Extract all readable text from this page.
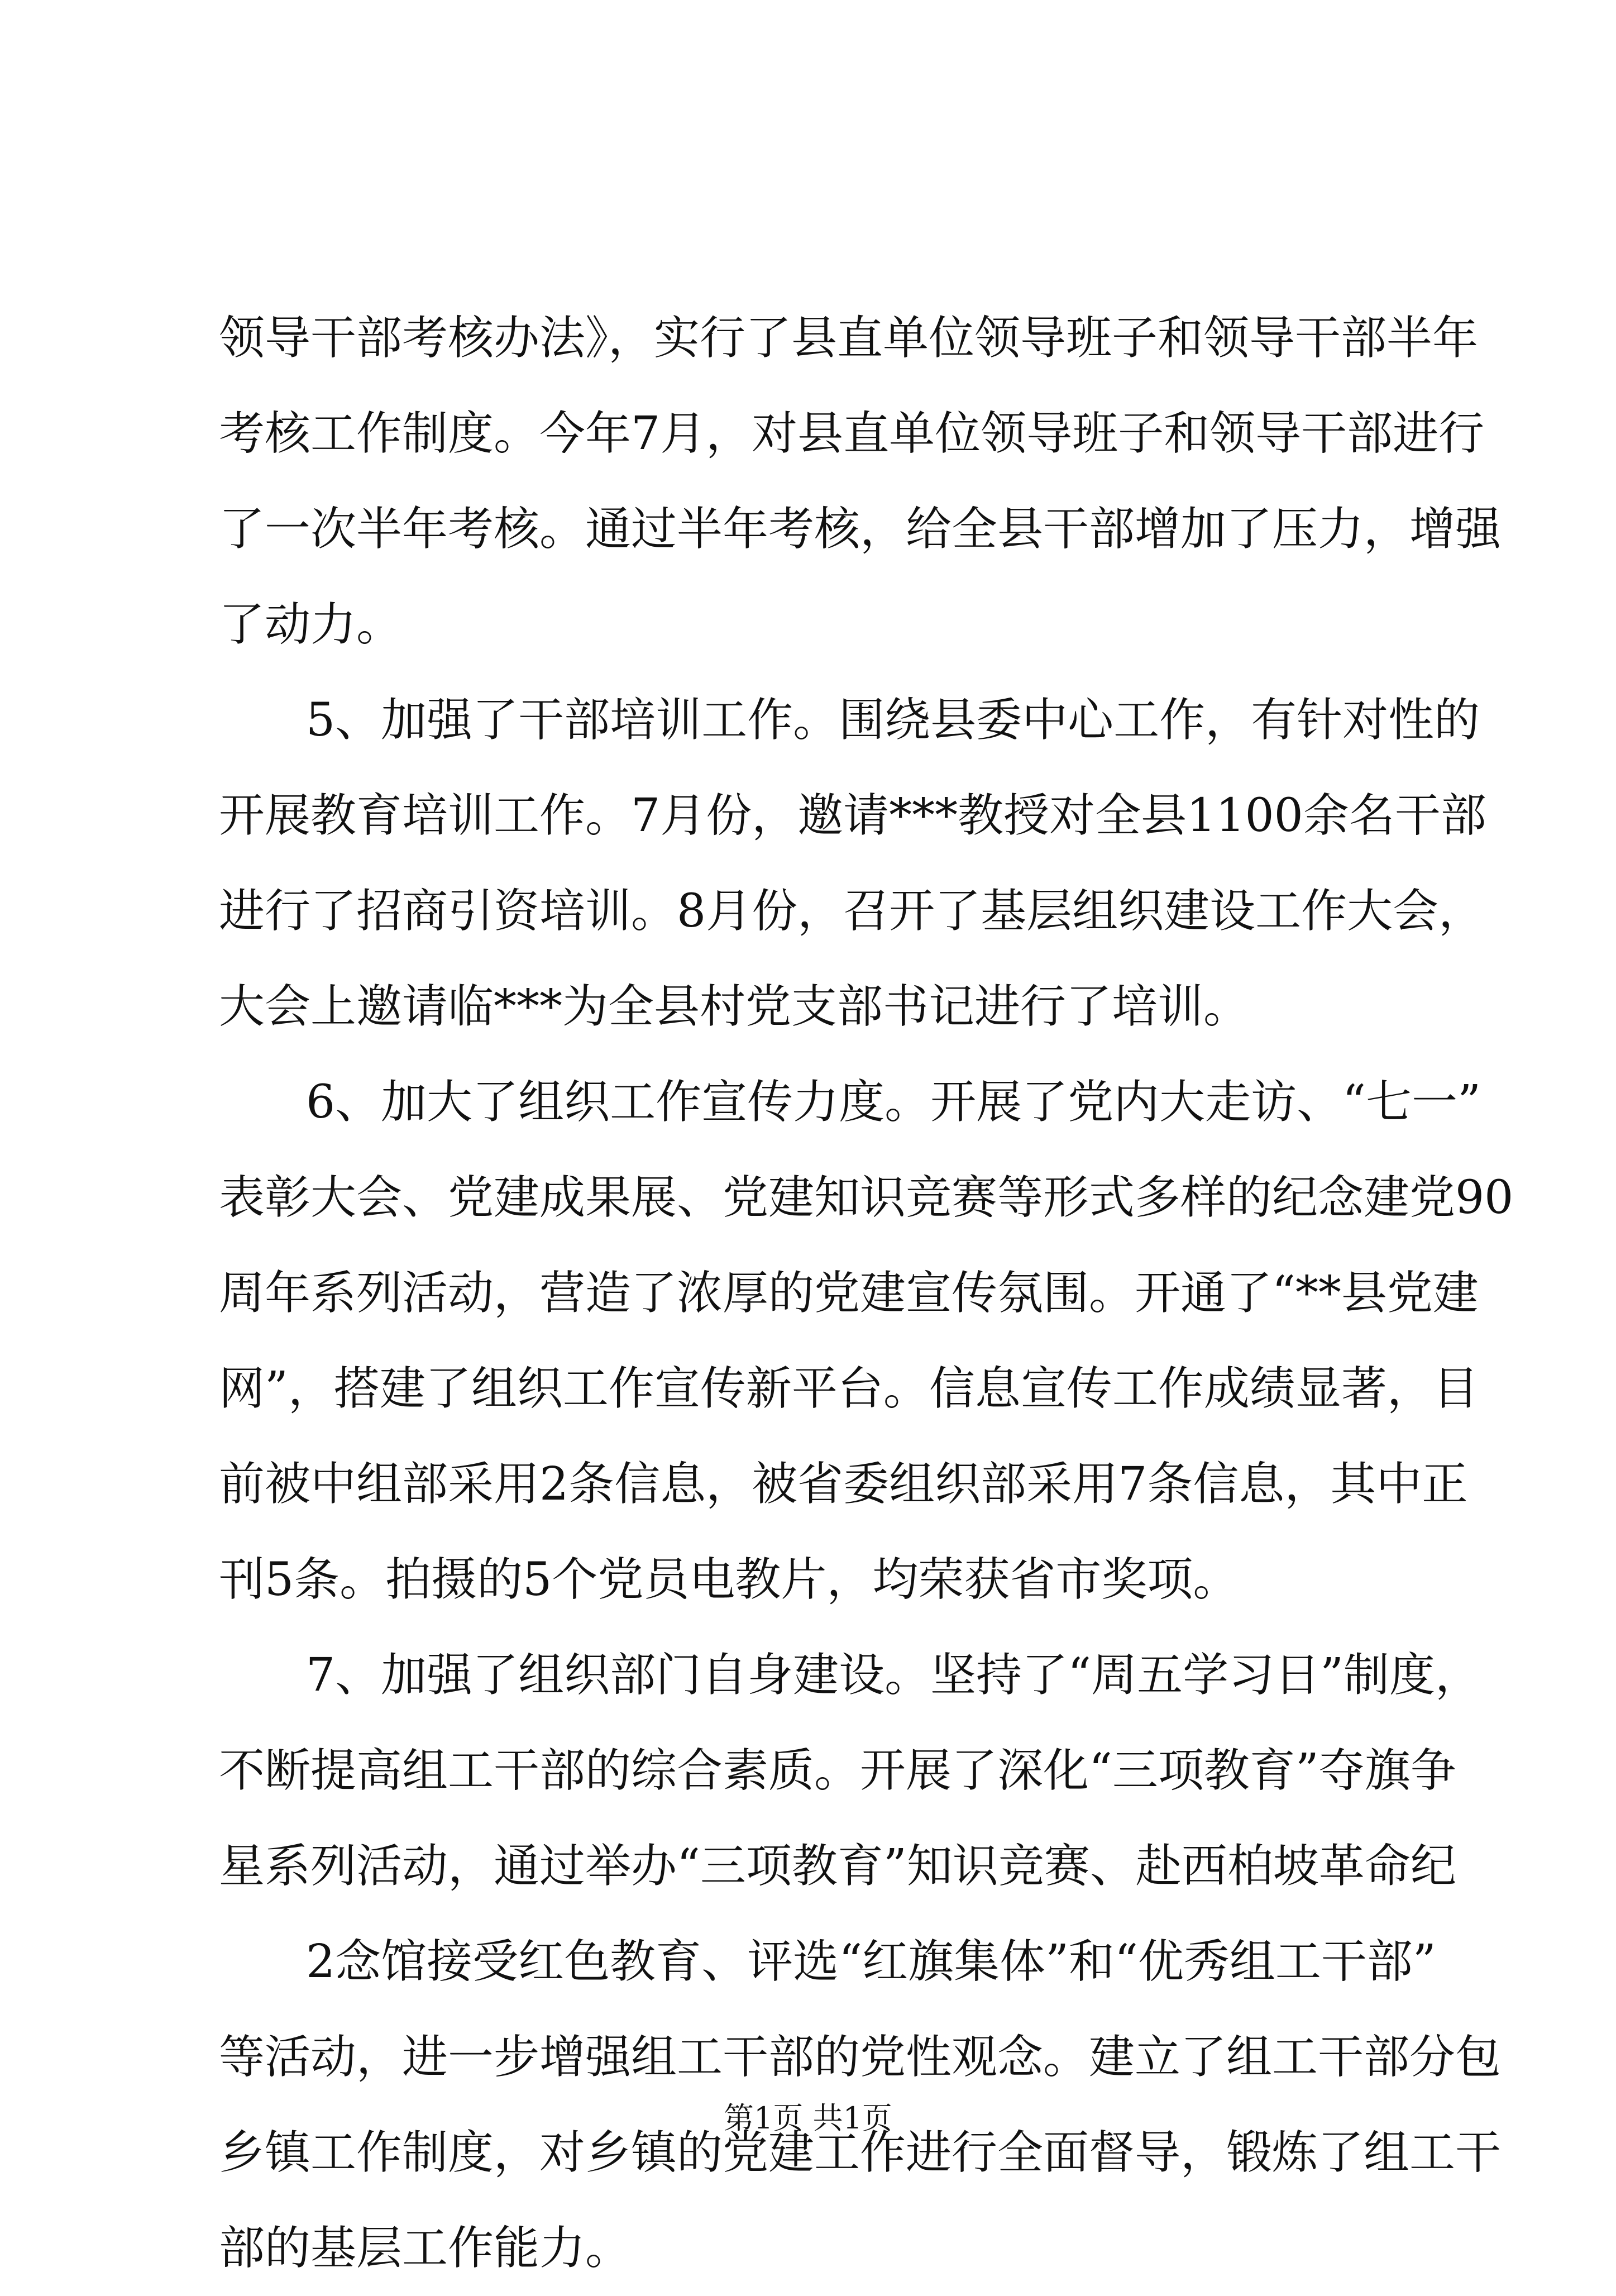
领导干部考核办法》，实行了县直单位领导班子和领导干部半年
考核工作制度。今年7月，对县直单位领导班子和领导干部进行
了一次半年考核。通过半年考核，给全县干部增加了压力，增强
了动力。
5、加强了干部培训工作。围绕县委中心工作，有针对性的
开展教育培训工作。7月份，邀请***教授对全县1100余名干部
进行了招商引资培训。8月份，召开了基层组织建设工作大会，
大会上邀请临***为全县村党支部书记进行了培训。
6、加大了组织工作宣传力度。开展了党内大走访、“七一”
表彰大会、党建成果展、党建知识竞赛等形式多样的纪念建党90
周年系列活动，营造了浓厚的党建宣传氛围。开通了“**县党建
网”，搭建了组织工作宣传新平台。信息宣传工作成绩显著，目
前被中组部采用2条信息，被省委组织部采用7条信息，其中正
刊5条。拍摄的5个党员电教片，均荣获省市奖项。
7、加强了组织部门自身建设。坚持了“周五学习日”制度，
不断提高组工干部的综合素质。开展了深化“三项教育”夺旗争
星系列活动，通过举办“三项教育”知识竞赛、赴西柏坡革命纪
2念馆接受红色教育、评选“红旗集体”和“优秀组工干部”
等活动，进一步增强组工干部的党性观念。建立了组工干部分包
乡镇工作制度，对乡镇的党建工作进行全面督导，锻炼了组工干
部的基层工作能力。
第1页 共1页
